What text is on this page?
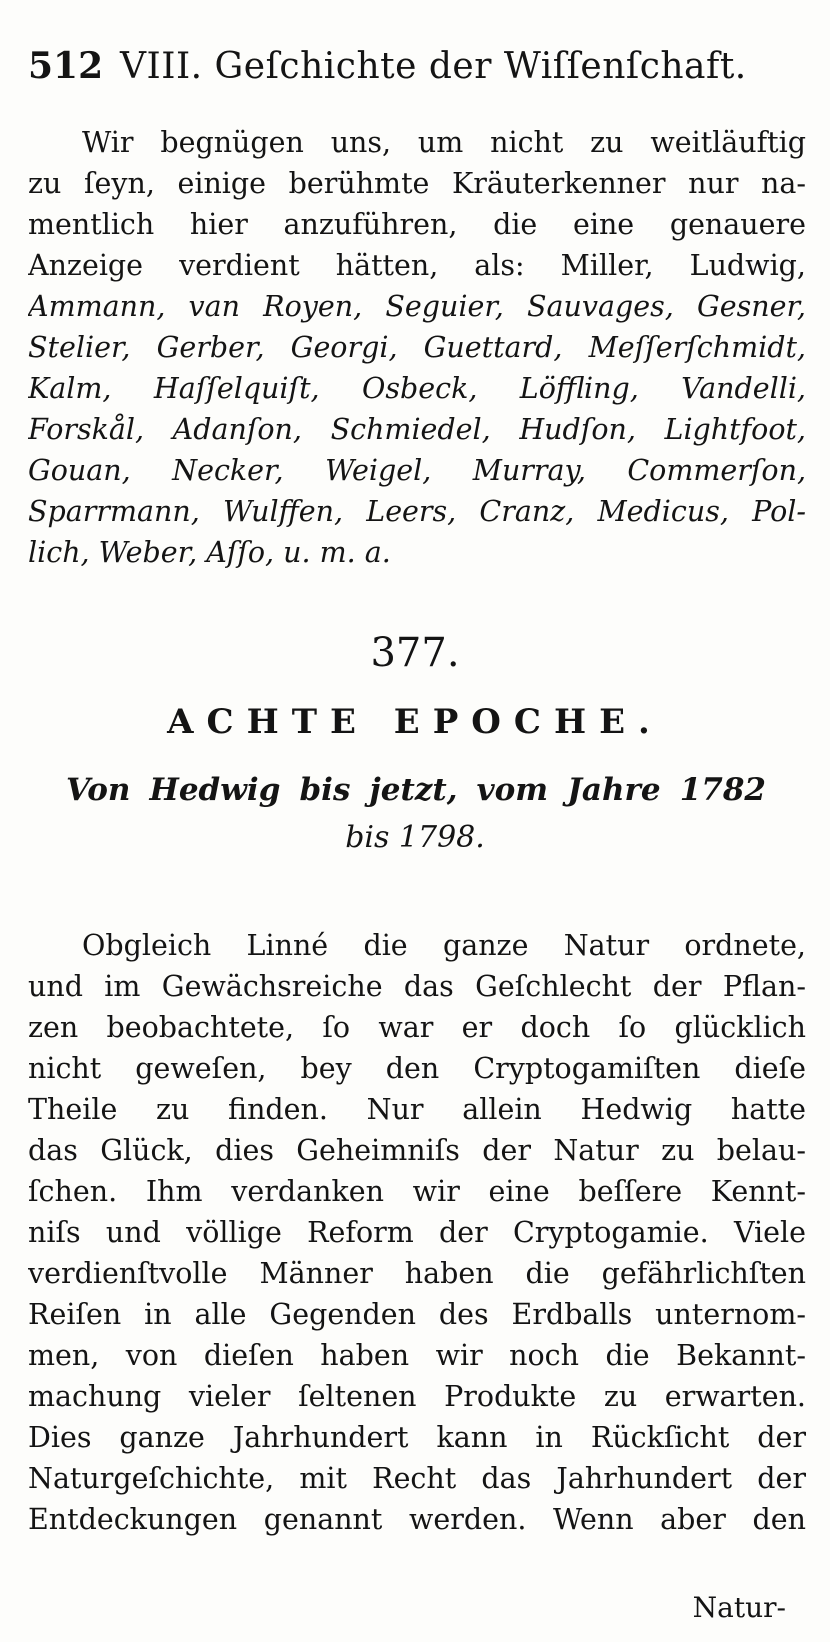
512 VIII. Geſchichte der Wiſſenſchaft.
Wir begnügen uns, um nicht zu weitläuftig
zu ſeyn, einige berühmte Kräuterkenner nur na-
mentlich hier anzuführen, die eine genauere
Anzeige verdient hätten, als: Miller, Ludwig,
Ammann, van Royen, Seguier, Sauvages, Gesner,
Stelier, Gerber, Georgi, Guettard, Meſſerſchmidt,
Kalm, Haſſelquiſt, Osbeck, Löffling, Vandelli,
Forskål, Adanſon, Schmiedel, Hudſon, Lightfoot,
Gouan, Necker, Weigel, Murray, Commerſon,
Sparrmann, Wulffen, Leers, Cranz, Medicus, Pol-
lich, Weber, Aſſo, u. m. a.
377.
ACHTE EPOCHE.
Von Hedwig bis jetzt, vom Jahre 1782
bis 1798.
Obgleich Linné die ganze Natur ordnete,
und im Gewächsreiche das Geſchlecht der Pflan-
zen beobachtete, ſo war er doch ſo glücklich
nicht geweſen, bey den Cryptogamiſten dieſe
Theile zu finden. Nur allein Hedwig hatte
das Glück, dies Geheimniſs der Natur zu belau-
ſchen. Ihm verdanken wir eine beſſere Kennt-
niſs und völlige Reform der Cryptogamie. Viele
verdienſtvolle Männer haben die gefährlichſten
Reiſen in alle Gegenden des Erdballs unternom-
men, von dieſen haben wir noch die Bekannt-
machung vieler ſeltenen Produkte zu erwarten.
Dies ganze Jahrhundert kann in Rückſicht der
Naturgeſchichte, mit Recht das Jahrhundert der
Entdeckungen genannt werden. Wenn aber den
Natur-
